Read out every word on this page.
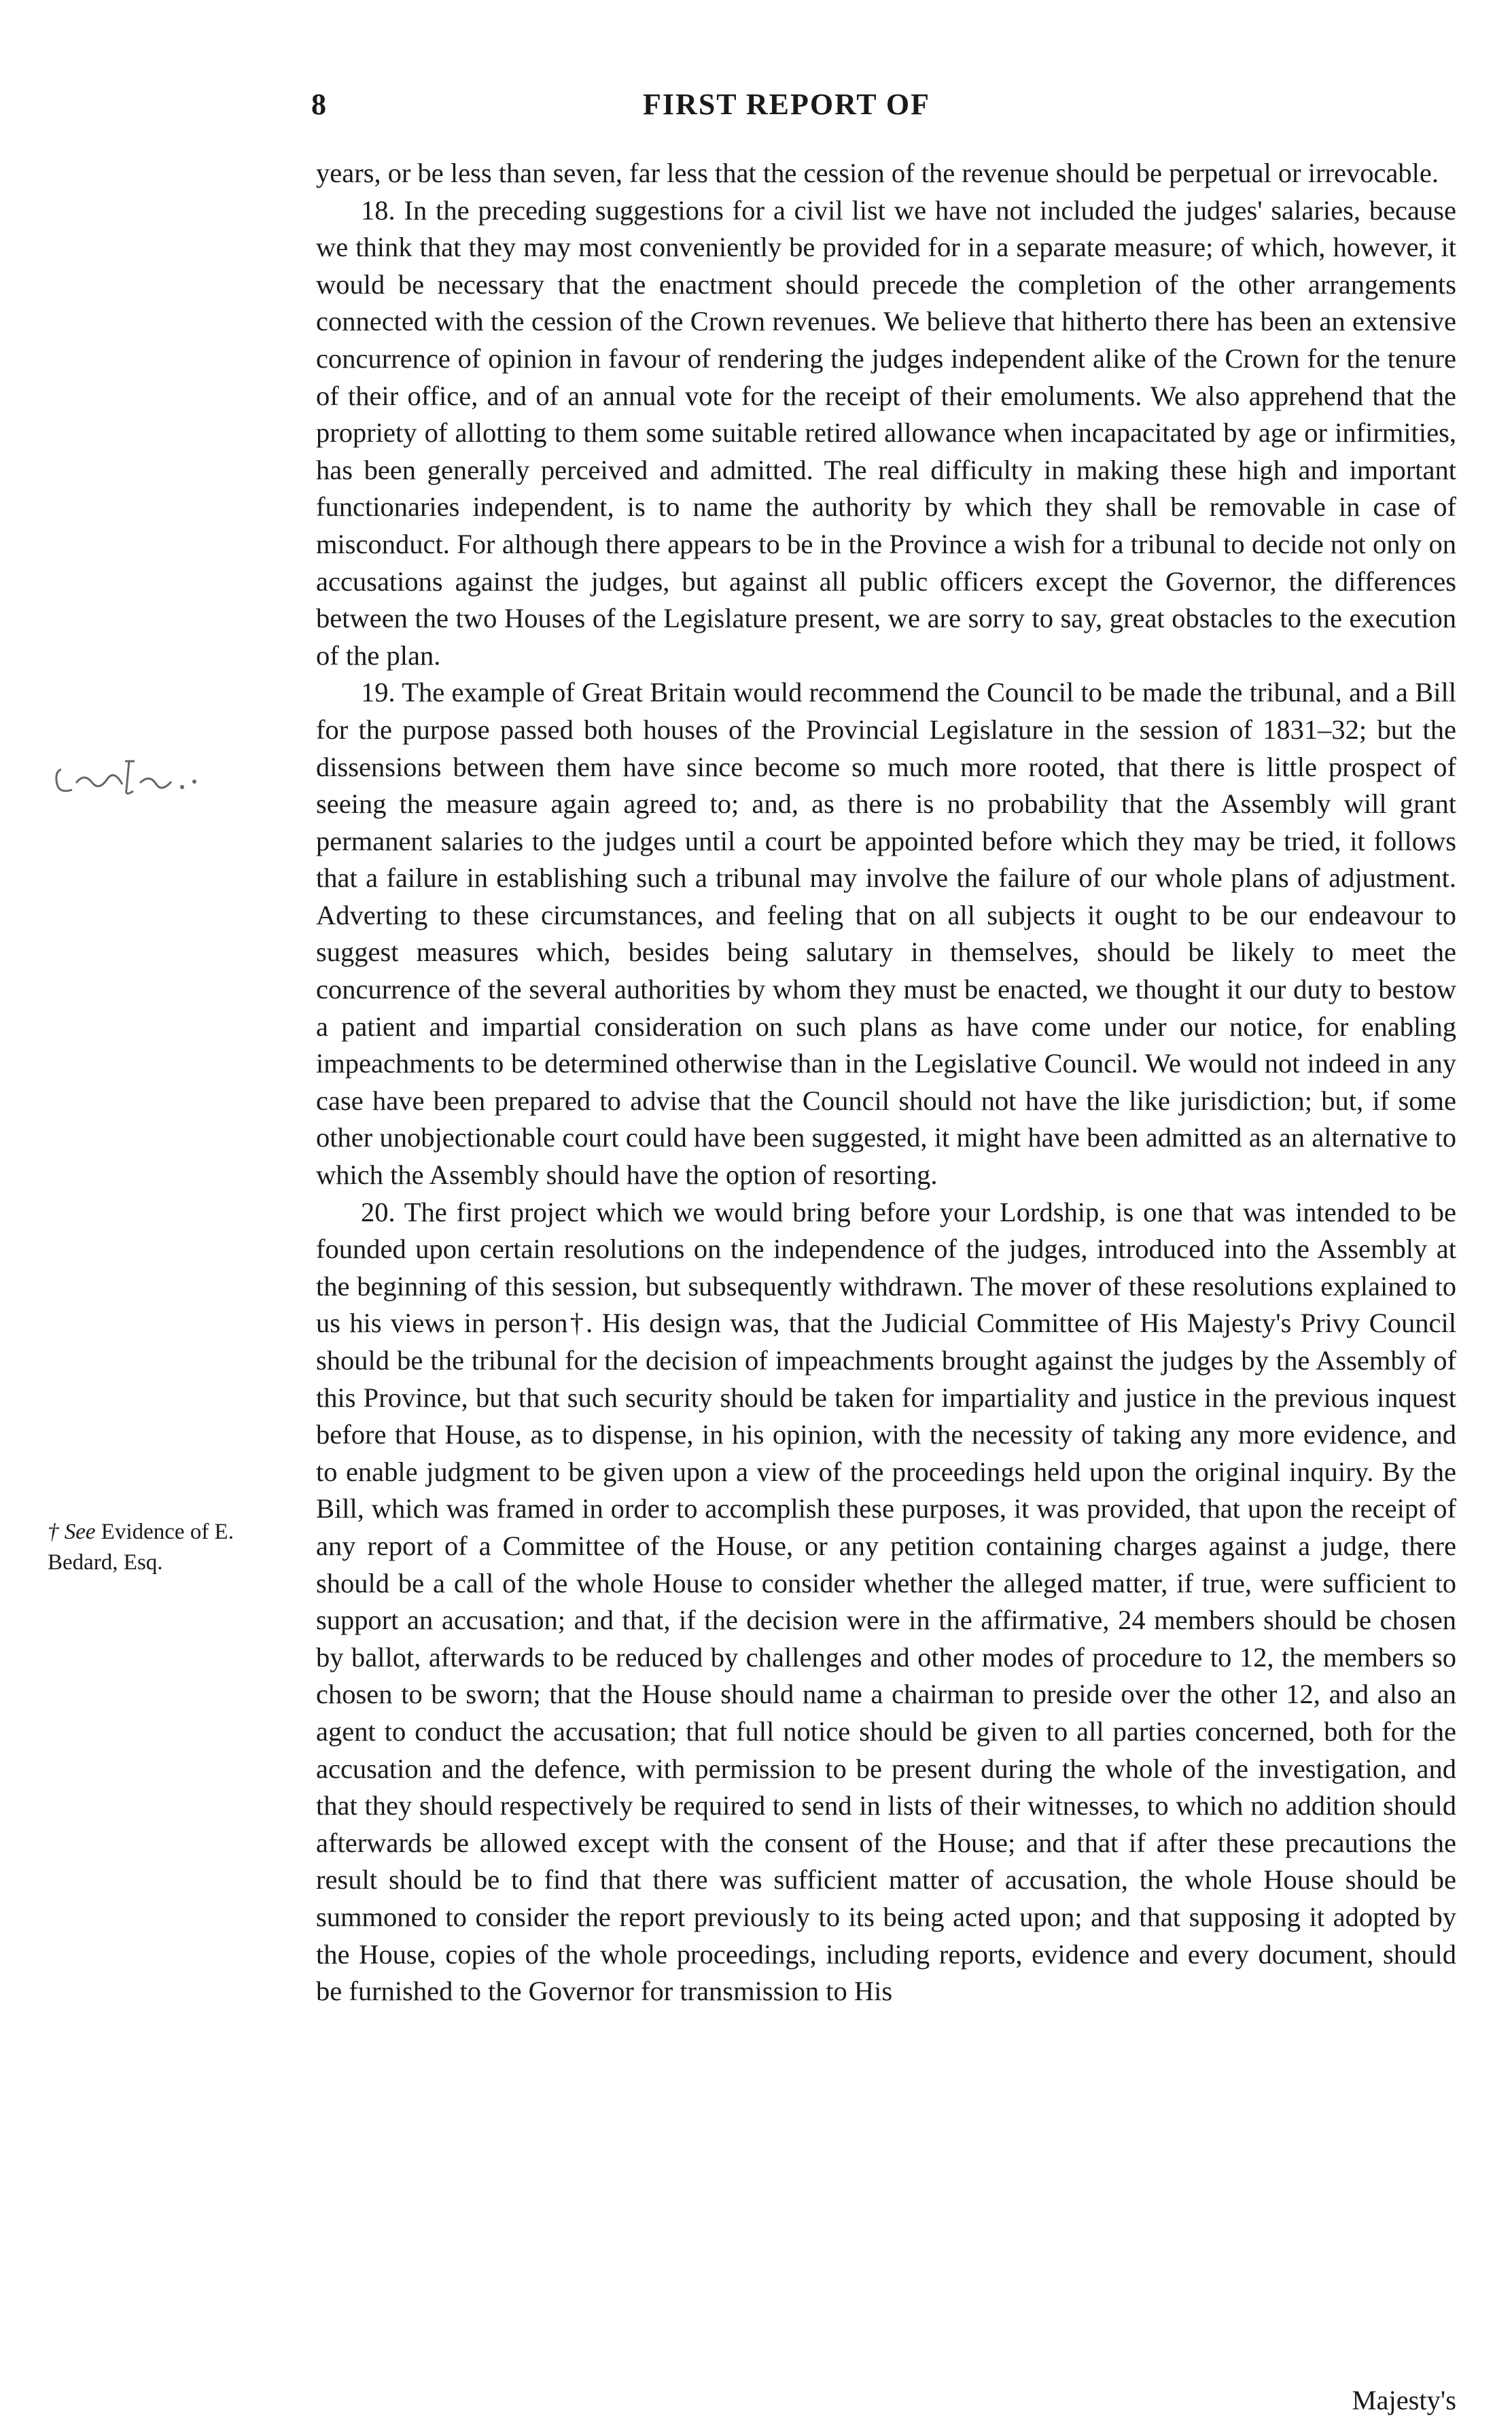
8	FIRST REPORT OF

years, or be less than seven, far less that the cession of the revenue should be perpetual or irrevocable.

18. In the preceding suggestions for a civil list we have not included the judges' salaries, because we think that they may most conveniently be provided for in a separate measure; of which, however, it would be necessary that the enactment should precede the completion of the other arrangements connected with the cession of the Crown revenues. We believe that hitherto there has been an extensive concurrence of opinion in favour of rendering the judges independent alike of the Crown for the tenure of their office, and of an annual vote for the receipt of their emoluments. We also apprehend that the propriety of allotting to them some suitable retired allowance when incapacitated by age or infirmities, has been generally perceived and admitted. The real difficulty in making these high and important functionaries independent, is to name the authority by which they shall be removable in case of misconduct. For although there appears to be in the Province a wish for a tribunal to decide not only on accusations against the judges, but against all public officers except the Governor, the differences between the two Houses of the Legislature present, we are sorry to say, great obstacles to the execution of the plan.

19. The example of Great Britain would recommend the Council to be made the tribunal, and a Bill for the purpose passed both houses of the Provincial Legislature in the session of 1831–32; but the dissensions between them have since become so much more rooted, that there is little prospect of seeing the measure again agreed to; and, as there is no probability that the Assembly will grant permanent salaries to the judges until a court be appointed before which they may be tried, it follows that a failure in establishing such a tribunal may involve the failure of our whole plans of adjustment. Adverting to these circumstances, and feeling that on all subjects it ought to be our endeavour to suggest measures which, besides being salutary in themselves, should be likely to meet the concurrence of the several authorities by whom they must be enacted, we thought it our duty to bestow a patient and impartial consideration on such plans as have come under our notice, for enabling impeachments to be determined otherwise than in the Legislative Council. We would not indeed in any case have been prepared to advise that the Council should not have the like jurisdiction; but, if some other unobjectionable court could have been suggested, it might have been admitted as an alternative to which the Assembly should have the option of resorting.

20. The first project which we would bring before your Lordship, is one that was intended to be founded upon certain resolutions on the independence of the judges, introduced into the Assembly at the beginning of this session, but subsequently withdrawn. The mover of these resolutions explained to us his views in person†. His design was, that the Judicial Committee of His Majesty's Privy Council should be the tribunal for the decision of impeachments brought against the judges by the Assembly of this Province, but that such security should be taken for impartiality and justice in the previous inquest before that House, as to dispense, in his opinion, with the necessity of taking any more evidence, and to enable judgment to be given upon a view of the proceedings held upon the original inquiry. By the Bill, which was framed in order to accomplish these purposes, it was provided, that upon the receipt of any report of a Committee of the House, or any petition containing charges against a judge, there should be a call of the whole House to consider whether the alleged matter, if true, were sufficient to support an accusation; and that, if the decision were in the affirmative, 24 members should be chosen by ballot, afterwards to be reduced by challenges and other modes of procedure to 12, the members so chosen to be sworn; that the House should name a chairman to preside over the other 12, and also an agent to conduct the accusation; that full notice should be given to all parties concerned, both for the accusation and the defence, with permission to be present during the whole of the investigation, and that they should respectively be required to send in lists of their witnesses, to which no addition should afterwards be allowed except with the consent of the House; and that if after these precautions the result should be to find that there was sufficient matter of accusation, the whole House should be summoned to consider the report previously to its being acted upon; and that supposing it adopted by the House, copies of the whole proceedings, including reports, evidence and every document, should be furnished to the Governor for transmission to His

† See Evidence of E. Bedard, Esq.
Majesty's
